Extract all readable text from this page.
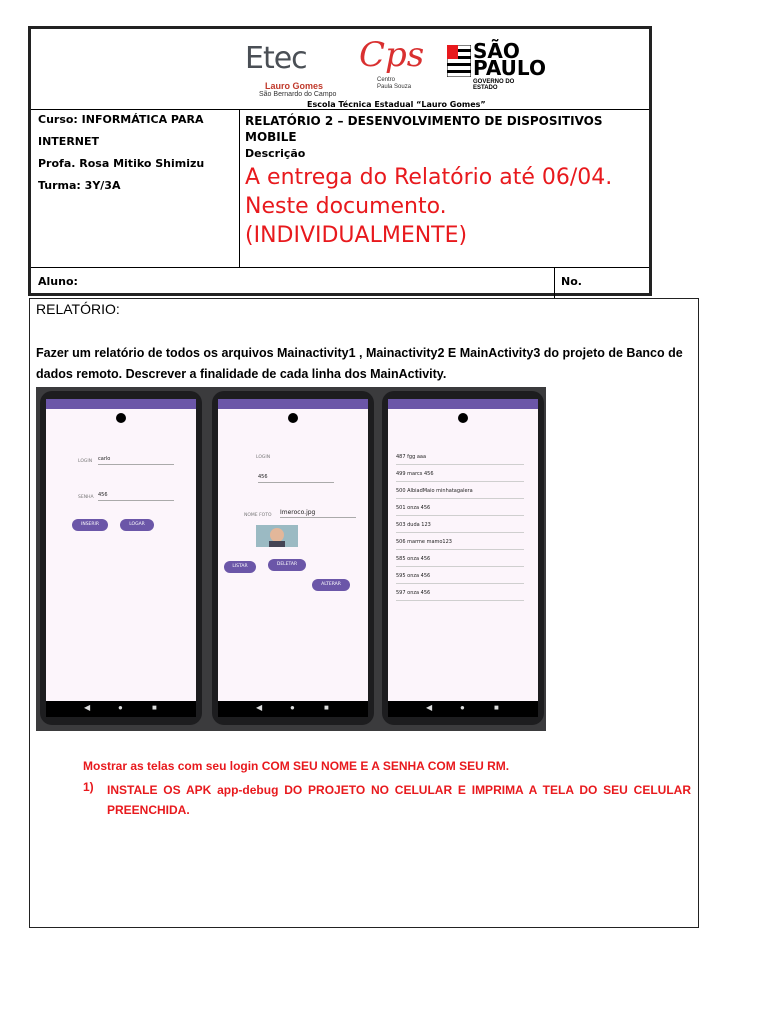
Etec
Lauro Gomes
São Bernardo do Campo
Cps
Centro
Paula Souza
SÃO
PAULO
GOVERNO DO ESTADO
Escola Técnica Estadual “Lauro Gomes”
Curso: INFORMÁTICA PARA
INTERNET
Profa. Rosa Mitiko Shimizu
Turma: 3Y/3A
RELATÓRIO 2 – DESENVOLVIMENTO DE DISPOSITIVOS MOBILE
Descrição
A entrega do Relatório até 06/04.
Neste documento.
(INDIVIDUALMENTE)
Aluno:	No.
RELATÓRIO:
Fazer um relatório de todos os arquivos Mainactivity1 , Mainactivity2 E MainActivity3 do projeto de Banco de dados remoto. Descrever a finalidade de cada linha dos MainActivity.
LOGIN carlo
SENHA 456
INSERIR	LOGAR
◀	●	■
LOGIN
456
NOME FOTO Imeroco.jpg
LISTAR	DELETAR
ALTERAR
◀	●	■
487 fgg aaa
499 marcs 456
500 AlbiadMaio minhatagalera
501 onza 456
503 duda 123
506 marme mamo123
585 onza 456
595 onza 456
597 onza 456
◀	●	■
Mostrar as telas com seu login COM SEU NOME E A SENHA COM SEU RM.
1) INSTALE OS APK app-debug DO PROJETO NO CELULAR E IMPRIMA A TELA DO SEU CELULAR PREENCHIDA.
